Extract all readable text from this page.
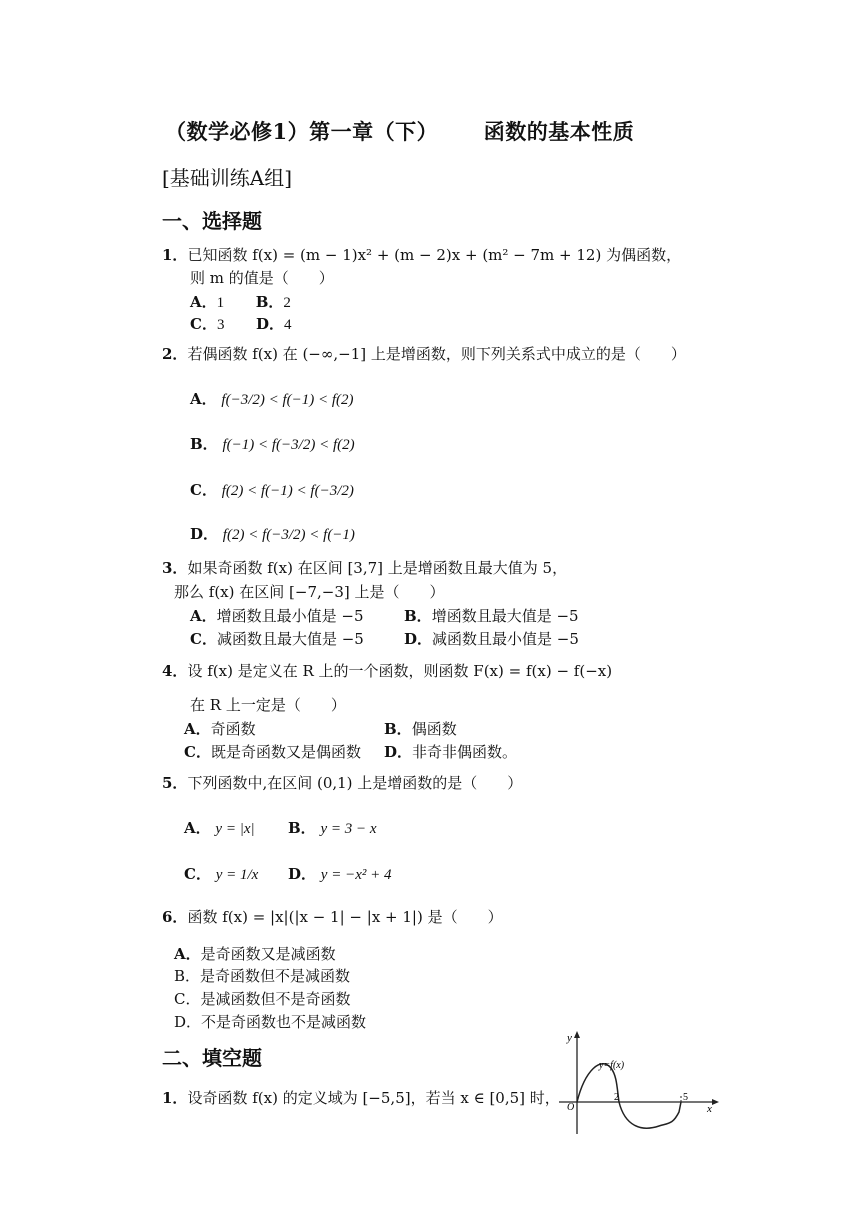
（数学必修1）第一章（下） 函数的基本性质
[基础训练A组]
一、选择题
1．已知函数 f(x) = (m − 1)x² + (m − 2)x + (m² − 7m + 12) 为偶函数，
则 m 的值是（　　）
A．1 B．2
C．3 D．4
2．若偶函数 f(x) 在 (−∞,−1] 上是增函数，则下列关系式中成立的是（　　）
A． f(−3/2) < f(−1) < f(2)
B． f(−1) < f(−3/2) < f(2)
C． f(2) < f(−1) < f(−3/2)
D． f(2) < f(−3/2) < f(−1)
3．如果奇函数 f(x) 在区间 [3,7] 上是增函数且最大值为 5，
那么 f(x) 在区间 [−7,−3] 上是（　　）
A．增函数且最小值是 −5	B．增函数且最大值是 −5
C．减函数且最大值是 −5	D．减函数且最小值是 −5
4．设 f(x) 是定义在 R 上的一个函数，则函数 F(x) = f(x) − f(−x)
在 R 上一定是（　　）
A．奇函数	B．偶函数
C．既是奇函数又是偶函数 D．非奇非偶函数。
5．下列函数中,在区间 (0,1) 上是增函数的是（　　）
A． y = |x| B． y = 3 − x
C． y = 1/x D． y = −x² + 4
6．函数 f(x) = |x|(|x − 1| − |x + 1|) 是（　　）
A．是奇函数又是减函数
B．是奇函数但不是减函数
C．是减函数但不是奇函数
D．不是奇函数也不是减函数
二、填空题
1．设奇函数 f(x) 的定义域为 [−5,5]，若当 x ∈ [0,5] 时，
y
x
y=f(x)
O
2	5
